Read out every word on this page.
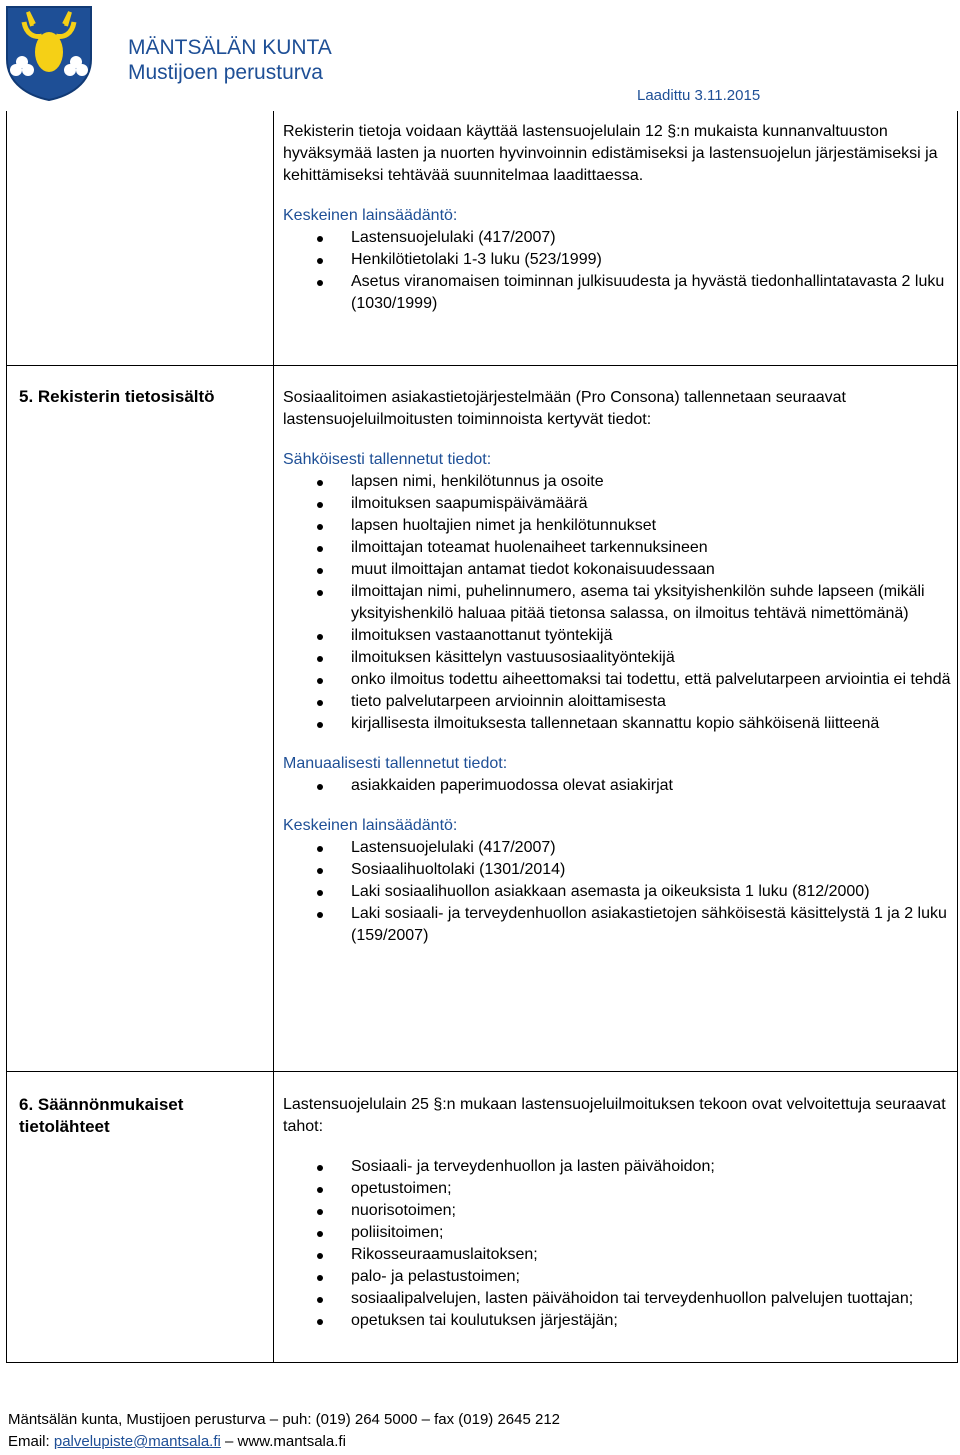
MÄNTSÄLÄN KUNTA
Mustijoen perusturva
Laadittu 3.11.2015

Rekisterin tietoja voidaan käyttää lastensuojelulain 12 §:n mukaista kunnanvaltuuston hyväksymää lasten ja nuorten hyvinvoinnin edistämiseksi ja lastensuojelun järjestämiseksi ja kehittämiseksi tehtävää suunnitelmaa laadittaessa.

Keskeinen lainsäädäntö:

Lastensuojelulaki (417/2007)
Henkilötietolaki 1-3 luku (523/1999)
Asetus viranomaisen toiminnan julkisuudesta ja hyvästä tiedonhallintatavasta 2 luku (1030/1999)
5. Rekisterin tietosisältö	Sosiaalitoimen asiakastietojärjestelmään (Pro Consona) tallennetaan seuraavat lastensuojeluilmoitusten toiminnoista kertyvät tiedot:

Sähköisesti tallennetut tiedot:

lapsen nimi, henkilötunnus ja osoite
ilmoituksen saapumispäivämäärä
lapsen huoltajien nimet ja henkilötunnukset
ilmoittajan toteamat huolenaiheet tarkennuksineen
muut ilmoittajan antamat tiedot kokonaisuudessaan
ilmoittajan nimi, puhelinnumero, asema tai yksityishenkilön suhde lapseen (mikäli yksityishenkilö haluaa pitää tietonsa salassa, on ilmoitus tehtävä nimettömänä)
ilmoituksen vastaanottanut työntekijä
ilmoituksen käsittelyn vastuusosiaalityöntekijä
onko ilmoitus todettu aiheettomaksi tai todettu, että palvelutarpeen arviointia ei tehdä
tieto palvelutarpeen arvioinnin aloittamisesta
kirjallisesta ilmoituksesta tallennetaan skannattu kopio sähköisenä liitteenä

Manuaalisesti tallennetut tiedot:

asiakkaiden paperimuodossa olevat asiakirjat

Keskeinen lainsäädäntö:

Lastensuojelulaki (417/2007)
Sosiaalihuoltolaki (1301/2014)
Laki sosiaalihuollon asiakkaan asemasta ja oikeuksista 1 luku (812/2000)
Laki sosiaali- ja terveydenhuollon asiakastietojen sähköisestä käsittelystä 1 ja 2 luku (159/2007)
6. Säännönmukaiset tietolähteet

Lastensuojelulain 25 §:n mukaan lastensuojeluilmoituksen tekoon ovat velvoitettuja seuraavat tahot:

Sosiaali- ja terveydenhuollon ja lasten päivähoidon;
opetustoimen;
nuorisotoimen;
poliisitoimen;
Rikosseuraamuslaitoksen;
palo- ja pelastustoimen;
sosiaalipalvelujen, lasten päivähoidon tai terveydenhuollon palvelujen tuottajan;
opetuksen tai koulutuksen järjestäjän;
Mäntsälän kunta, Mustijoen perusturva – puh: (019) 264 5000 – fax (019) 2645 212
Email: palvelupiste@mantsala.fi – www.mantsala.fi
